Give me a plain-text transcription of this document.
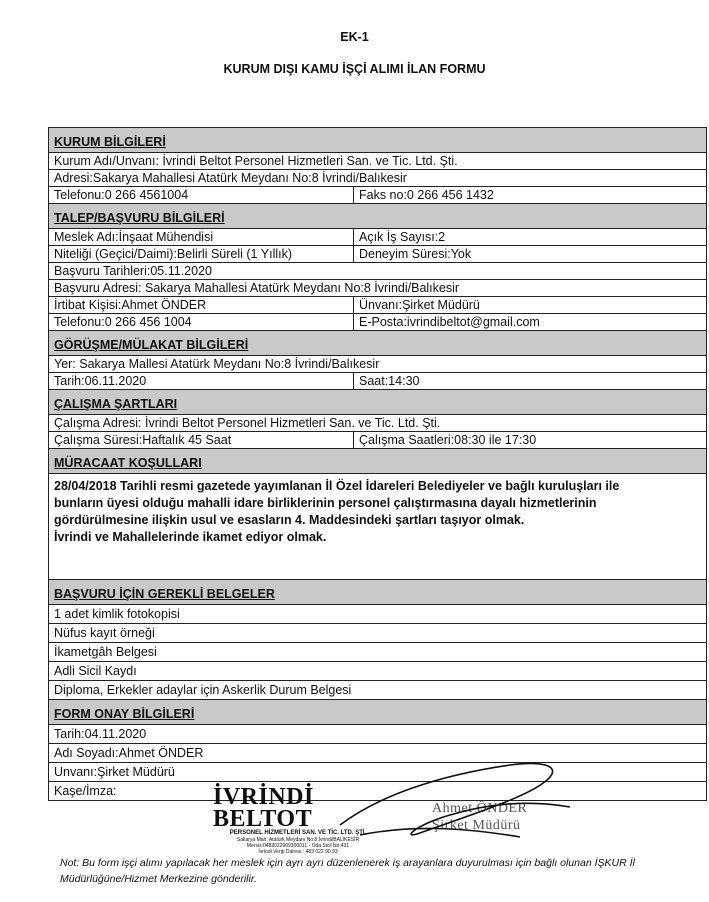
EK-1
KURUM DIŞI KAMU İŞÇİ ALIMI İLAN FORMU
KURUM BİLGİLERİ
Kurum Adı/Unvanı: İvrindi Beltot Personel Hizmetleri San. ve Tic. Ltd. Şti.
Adresi:Sakarya Mahallesi Atatürk Meydanı No:8 İvrindi/Balıkesir
Telefonu:0 266 4561004	Faks no:0 266 456 1432
TALEP/BAŞVURU BİLGİLERİ
Meslek Adı:İnşaat Mühendisi	Açık İş Sayısı:2
Niteliği (Geçici/Daimi):Belirli Süreli (1 Yıllık)	Deneyim Süresi:Yok
Başvuru Tarihleri:05.11.2020
Başvuru Adresi: Sakarya Mahallesi Atatürk Meydanı No:8 İvrindi/Balıkesir
İrtibat Kişisi:Ahmet ÖNDER	Ünvanı:Şirket Müdürü
Telefonu:0 266 456 1004	E-Posta:ivrindibeltot@gmail.com
GÖRÜŞME/MÜLAKAT BİLGİLERİ
Yer: Sakarya Mallesi Atatürk Meydanı No:8 İvrindi/Balıkesir
Tarih:06.11.2020	Saat:14:30
ÇALIŞMA ŞARTLARI
Çalışma Adresi: İvrindi Beltot Personel Hizmetleri San. ve Tic. Ltd. Şti.
Çalışma Süresi:Haftalık 45 Saat	Çalışma Saatleri:08:30 ile 17:30
MÜRACAAT KOŞULLARI

28/04/2018 Tarihli resmi gazetede yayımlanan İl Özel İdareleri Belediyeler ve bağlı kuruluşları ile

bunların üyesi olduğu mahalli idare birliklerinin personel çalıştırmasına dayalı hizmetlerinin

gördürülmesine ilişkin usul ve esasların 4. Maddesindeki şartları taşıyor olmak.

İvrindi ve Mahallelerinde ikamet ediyor olmak.

BAŞVURU İÇİN GEREKLİ BELGELER
1 adet kimlik fotokopisi
Nüfus kayıt örneği
İkametgâh Belgesi
Adli Sicil Kaydı
Diploma, Erkekler adaylar için Askerlik Durum Belgesi
FORM ONAY BİLGİLERİ
Tarih:04.11.2020
Adı Soyadı:Ahmet ÖNDER
Unvanı:Şirket Müdürü
Kaşe/İmza:	İVRİNDİ BELTOT
PERSONEL HİZMETLERİ SAN. VE TİC. LTD. ŞTİ.
Sakarya Mah. Atatürk Meydanı No:8 İvrindi/BALIKESİR
Mersis:0483022909300011 - Oda Sicil No:431
İvrindi Vergi Dairesi : 483 022 90 93
Ahmet ÖNDER
Şirket Müdürü
Not: Bu form işçi alımı yapılacak her meslek için ayrı ayrı düzenlenerek iş arayanlara duyurulması için bağlı olunan İŞKUR İl Müdürlüğüne/Hizmet Merkezine gönderilir.
